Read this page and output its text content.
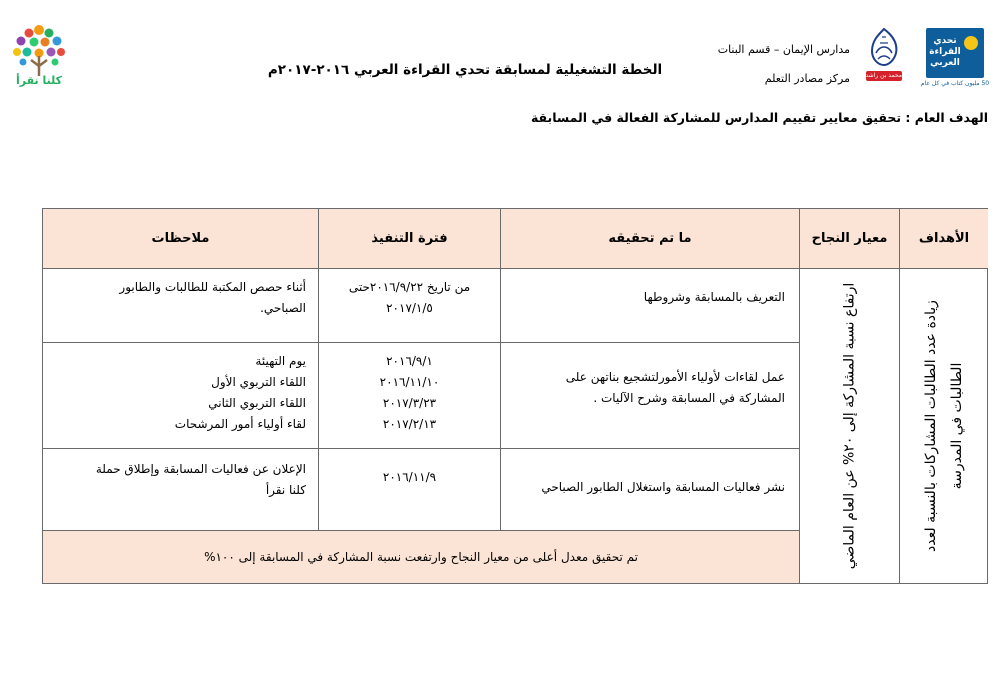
كلنا نقرأ
الخطة التشغيلية لمسابقة تحدي القراءة العربي ٢٠١٦-٢٠١٧م
مدارس الإيمان – قسم البنات
مركز مصادر التعلم	محمد بن راشد
تحدي القراءة العربي
50 مليون كتاب في كل عام
الهدف العام : تحقيق معايير تقييم المدارس للمشاركة الفعالة في المسابقة
الأهداف
معيار النجاح
ما تم تحقيقه
فترة التنفيذ
ملاحظات
زيادة عدد الطالبات المشاركات بالنسبة لعدد الطالبات في المدرسة
ارتفاع نسبة المشاركة إلى ٢٠% عن العام الماضي
التعريف بالمسابقة وشروطها
من تاريخ ٢٠١٦/٩/٢٢حتى
٢٠١٧/١/٥
أثناء حصص المكتبة للطالبات والطابور
الصباحي.
عمل لقاءات لأولياء الأمورلتشجيع بناتهن على
المشاركة في المسابقة وشرح الآليات .
٢٠١٦/٩/١
٢٠١٦/١١/١٠
٢٠١٧/٣/٢٣
٢٠١٧/٢/١٣
يوم التهيئة
اللقاء التربوي الأول
اللقاء التربوي الثاني
لقاء أولياء أمور المرشحات
نشر فعاليات المسابقة واستغلال الطابور الصباحي
٢٠١٦/١١/٩
الإعلان عن فعاليات المسابقة وإطلاق حملة
كلنا نقرأ
تم تحقيق معدل أعلى من معيار النجاح وارتفعت نسبة المشاركة في المسابقة إلى ١٠٠%
